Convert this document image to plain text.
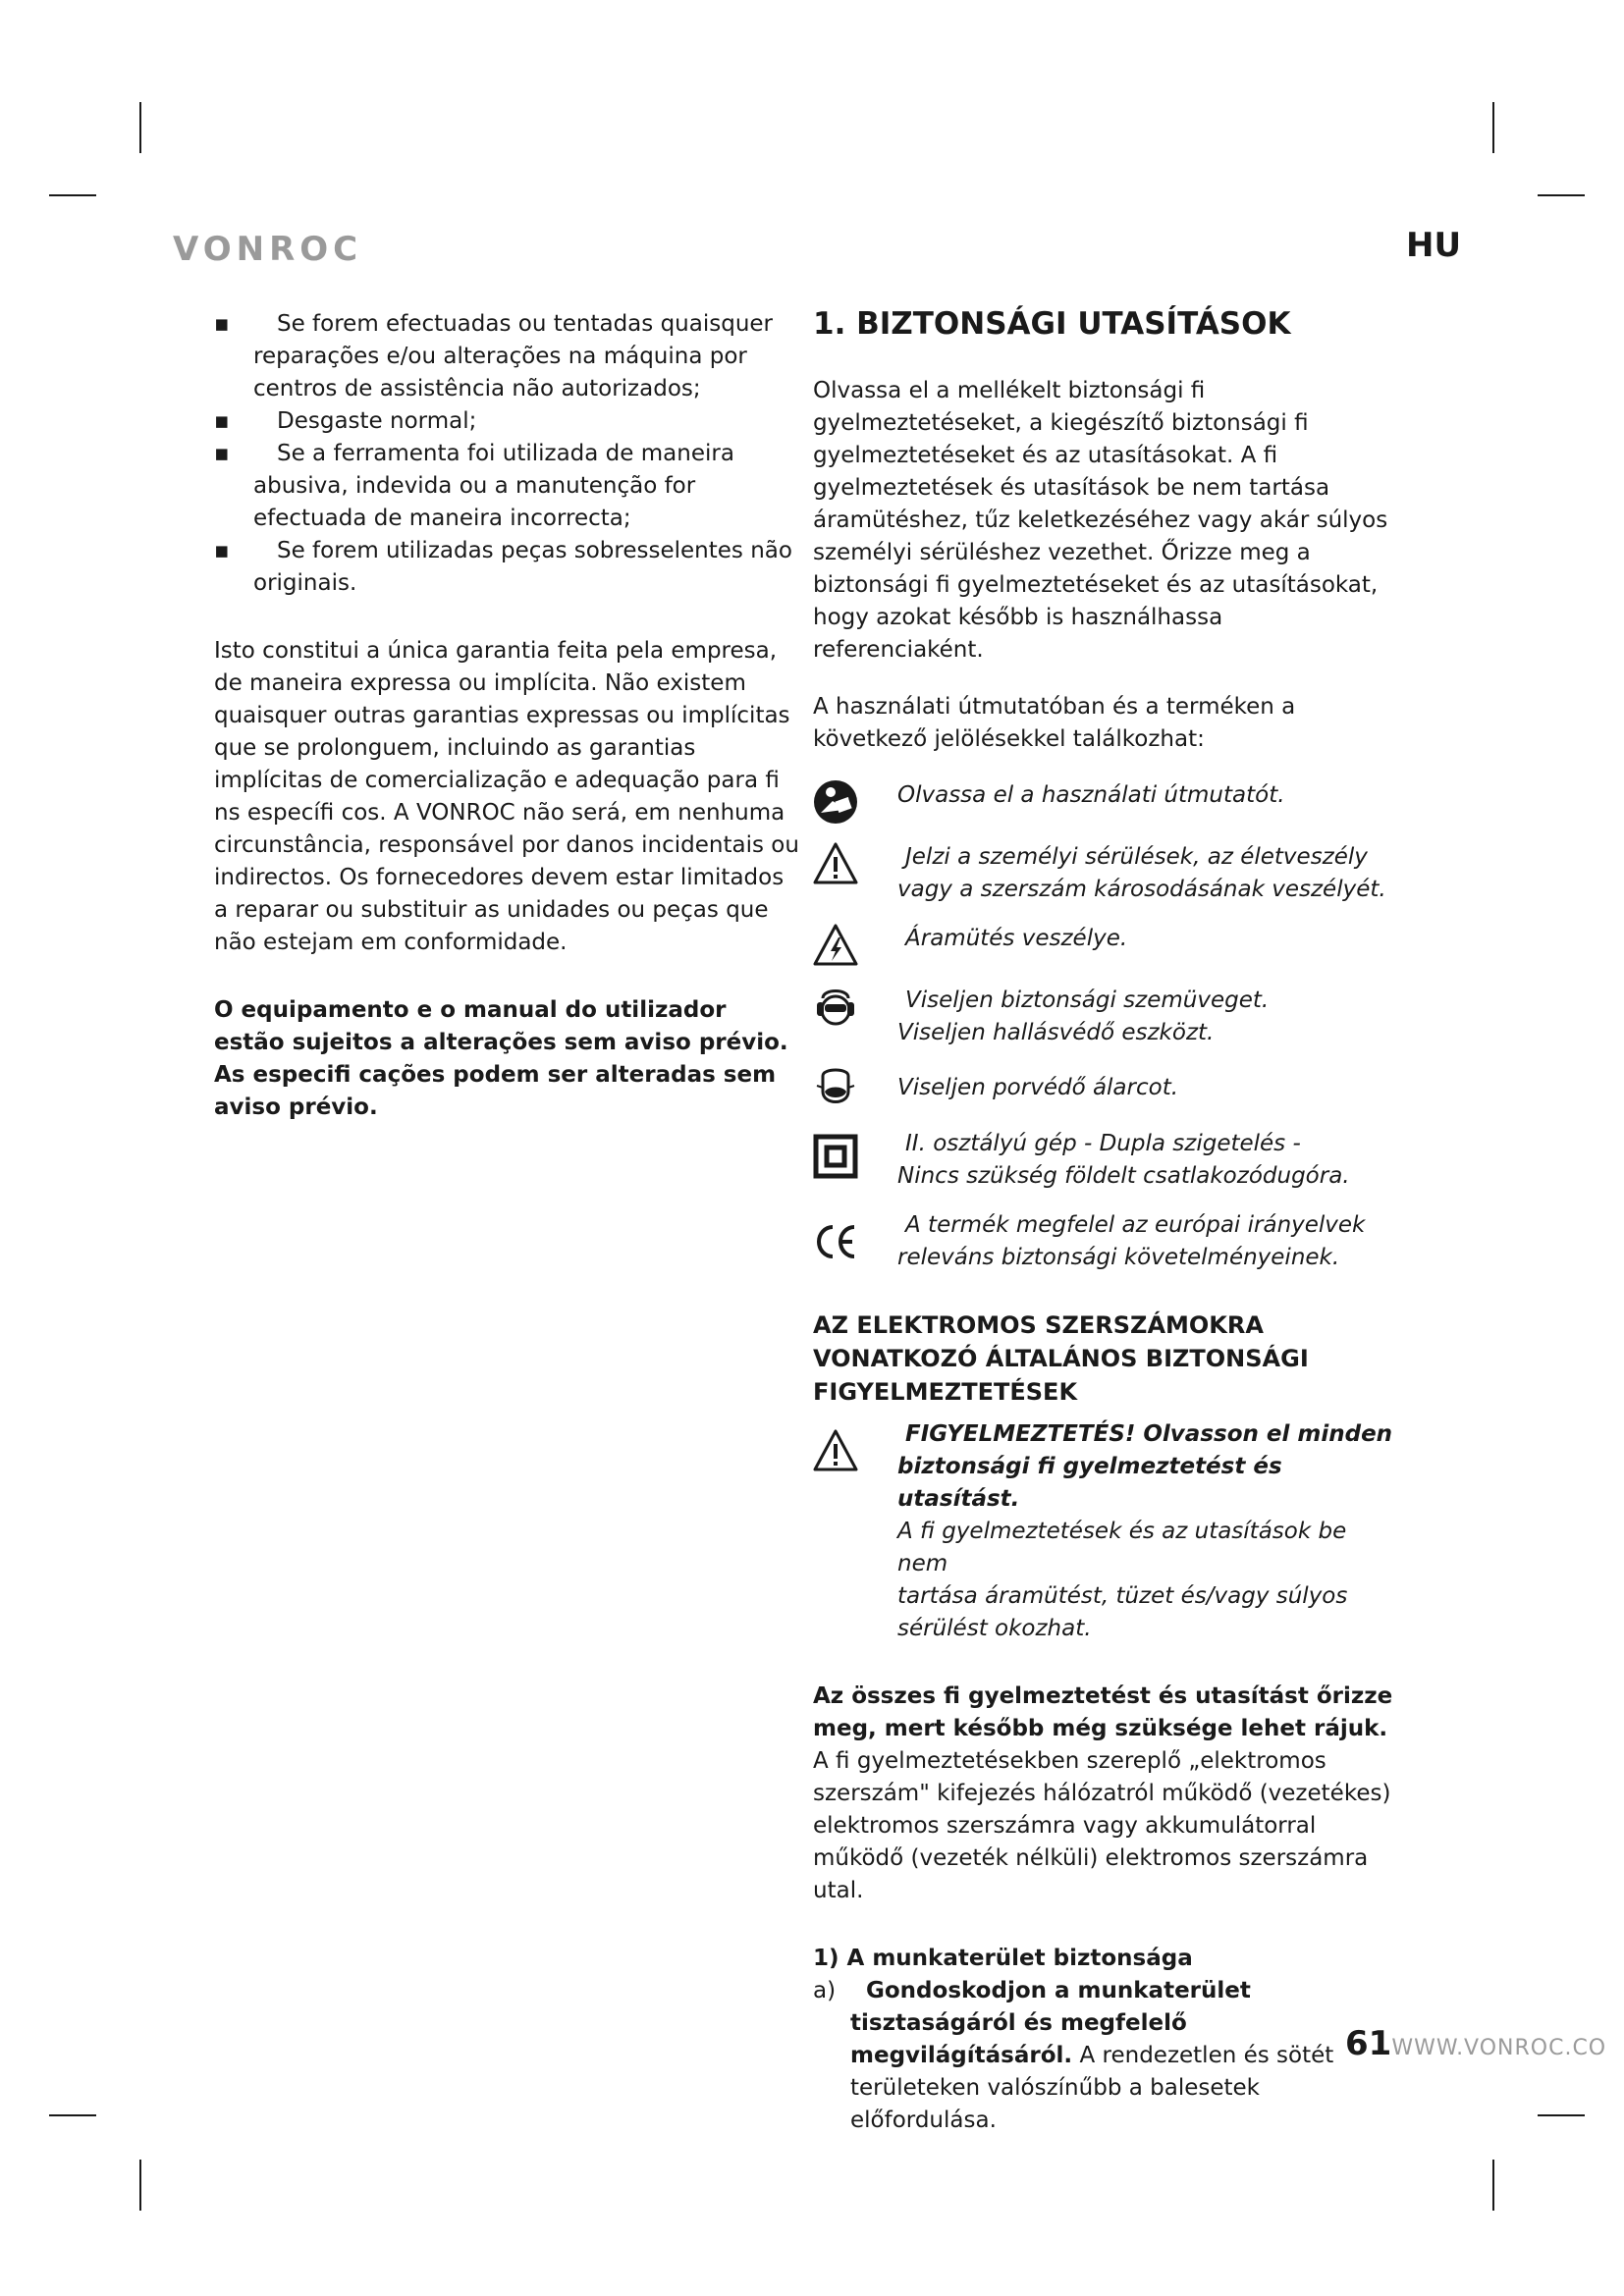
VONROC	HU
▪	Se forem efectuadas ou tentadas quaisquer reparações e/ou alterações na máquina por centros de assistência não autorizados;
▪	Desgaste normal;
▪	Se a ferramenta foi utilizada de maneira abusiva, indevida ou a manutenção for efectuada de maneira incorrecta;
▪	Se forem utilizadas peças sobresselentes não originais.

Isto constitui a única garantia feita pela empresa, de maneira expressa ou implícita. Não existem quaisquer outras garantias expressas ou implícitas que se prolonguem, incluindo as garantias implícitas de comercialização e adequação para fi ns específi cos. A VONROC não será, em nenhuma circunstância, responsável por danos incidentais ou indirectos. Os fornecedores devem estar limitados a reparar ou substituir as unidades ou peças que não estejam em conformidade.

O equipamento e o manual do utilizador estão sujeitos a alterações sem aviso prévio. As especifi cações podem ser alteradas sem aviso prévio.

1. BIZTONSÁGI UTASÍTÁSOK

Olvassa el a mellékelt biztonsági fi gyelmeztetéseket, a kiegészítő biztonsági fi gyelmeztetéseket és az utasításokat. A fi gyelmeztetések és utasítások be nem tartása áramütéshez, tűz keletkezéséhez vagy akár súlyos személyi sérüléshez vezethet. Őrizze meg a biztonsági fi gyelmeztetéseket és az utasításokat, hogy azokat később is használhassa referenciaként.

A használati útmutatóban és a terméken a következő jelölésekkel találkozhat:

Olvassa el a használati útmutatót.
Jelzi a személyi sérülések, az életveszély
vagy a szerszám károsodásának veszélyét.
Áramütés veszélye.
Viseljen biztonsági szemüveget.
Viseljen hallásvédő eszközt.
Viseljen porvédő álarcot.
II. osztályú gép - Dupla szigetelés -
Nincs szükség földelt csatlakozódugóra.
A termék megfelel az európai irányelvek
releváns biztonsági követelményeinek.
AZ ELEKTROMOS SZERSZÁMOKRA VONATKOZÓ ÁLTALÁNOS BIZTONSÁGI FIGYELMEZTETÉSEK
FIGYELMEZTETÉS! Olvasson el minden
biztonsági fi gyelmeztetést és utasítást.
A fi gyelmeztetések és az utasítások be nem
tartása áramütést, tüzet és/vagy súlyos
sérülést okozhat.

Az összes fi gyelmeztetést és utasítást őrizze meg, mert később még szüksége lehet rájuk.

A fi gyelmeztetésekben szereplő „elektromos szerszám" kifejezés hálózatról működő (vezetékes) elektromos szerszámra vagy akkumulátorral működő (vezeték nélküli) elektromos szerszámra utal.

1) A munkaterület biztonsága

a)	Gondoskodjon a munkaterület tisztaságáról és megfelelő megvilágításáról. A rendezetlen és sötét területeken valószínűbb a balesetek előfordulása.
61WWW.VONROC.CO
